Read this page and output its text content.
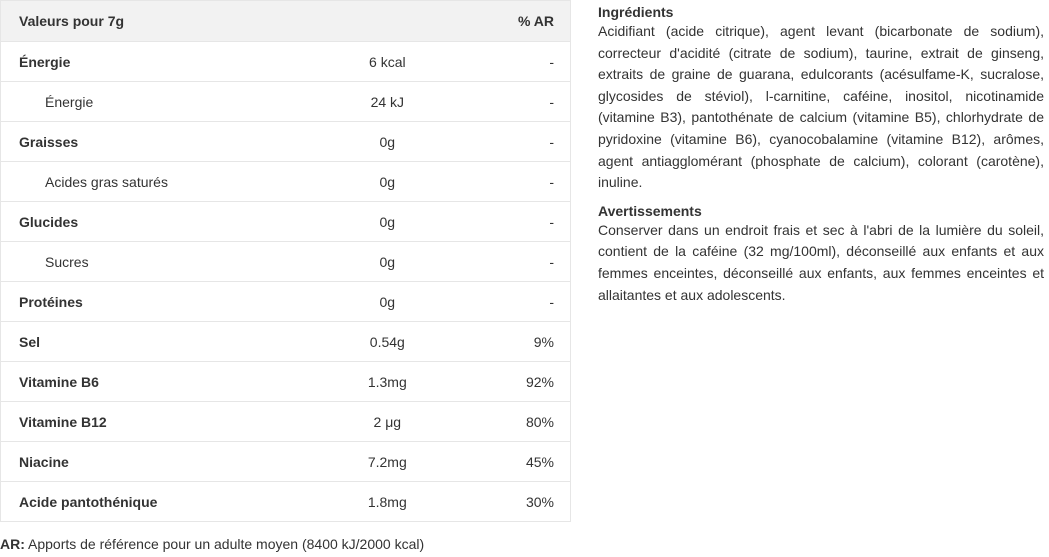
Valeurs pour 7g		% AR
Énergie	6 kcal	-
Énergie	24 kJ	-
Graisses	0g	-
Acides gras saturés	0g	-
Glucides	0g	-
Sucres	0g	-
Protéines	0g	-
Sel	0.54g	9%
Vitamine B6	1.3mg	92%
Vitamine B12	2 μg	80%
Niacine	7.2mg	45%
Acide pantothénique	1.8mg	30%
AR: Apports de référence pour un adulte moyen (8400 kJ/2000 kcal)
Ingrédients

Acidifiant (acide citrique), agent levant (bicarbonate de sodium), correcteur d'acidité (citrate de sodium), taurine, extrait de ginseng, extraits de graine de guarana, edulcorants (acésulfame-K, sucralose, glycosides de stéviol), l-carnitine, caféine, inositol, nicotinamide (vitamine B3), pantothénate de calcium (vitamine B5), chlorhydrate de pyridoxine (vitamine B6), cyanocobalamine (vitamine B12), arômes, agent antiagglomérant (phosphate de calcium), colorant (carotène), inuline.

Avertissements

Conserver dans un endroit frais et sec à l'abri de la lumière du soleil, contient de la caféine (32 mg/100ml), déconseillé aux enfants et aux femmes enceintes, déconseillé aux enfants, aux femmes enceintes et allaitantes et aux adolescents.
